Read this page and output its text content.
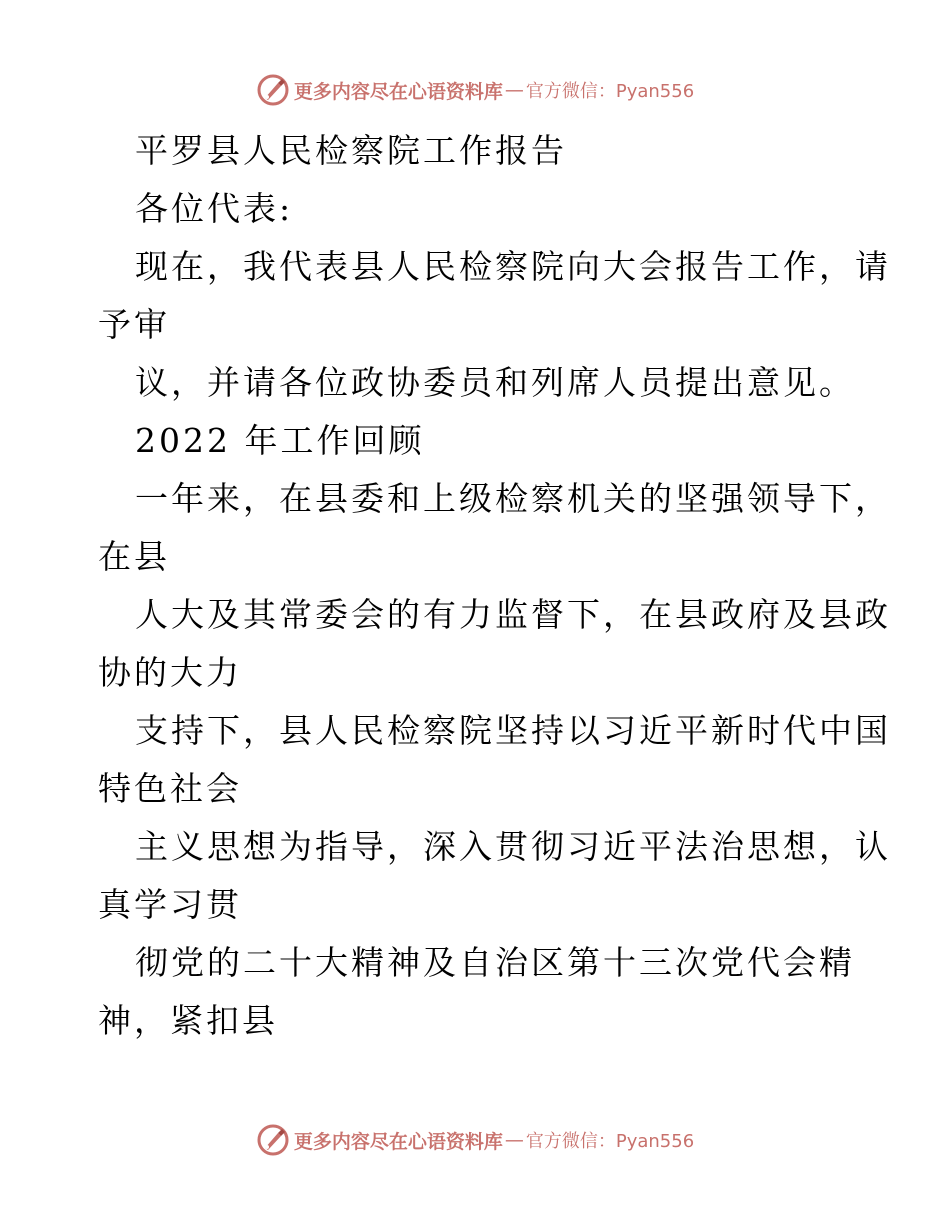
更多内容尽在心语资料库 — 官方微信：Pyan556
平罗县人民检察院工作报告
各位代表:
现在，我代表县人民检察院向大会报告工作，请
予审
议，并请各位政协委员和列席人员提出意见。
2022 年工作回顾
一年来，在县委和上级检察机关的坚强领导下，
在县
人大及其常委会的有力监督下，在县政府及县政
协的大力
支持下，县人民检察院坚持以习近平新时代中国
特色社会
主义思想为指导，深入贯彻习近平法治思想，认
真学习贯
彻党的二十大精神及自治区第十三次党代会精
神，紧扣县
更多内容尽在心语资料库 — 官方微信：Pyan556
